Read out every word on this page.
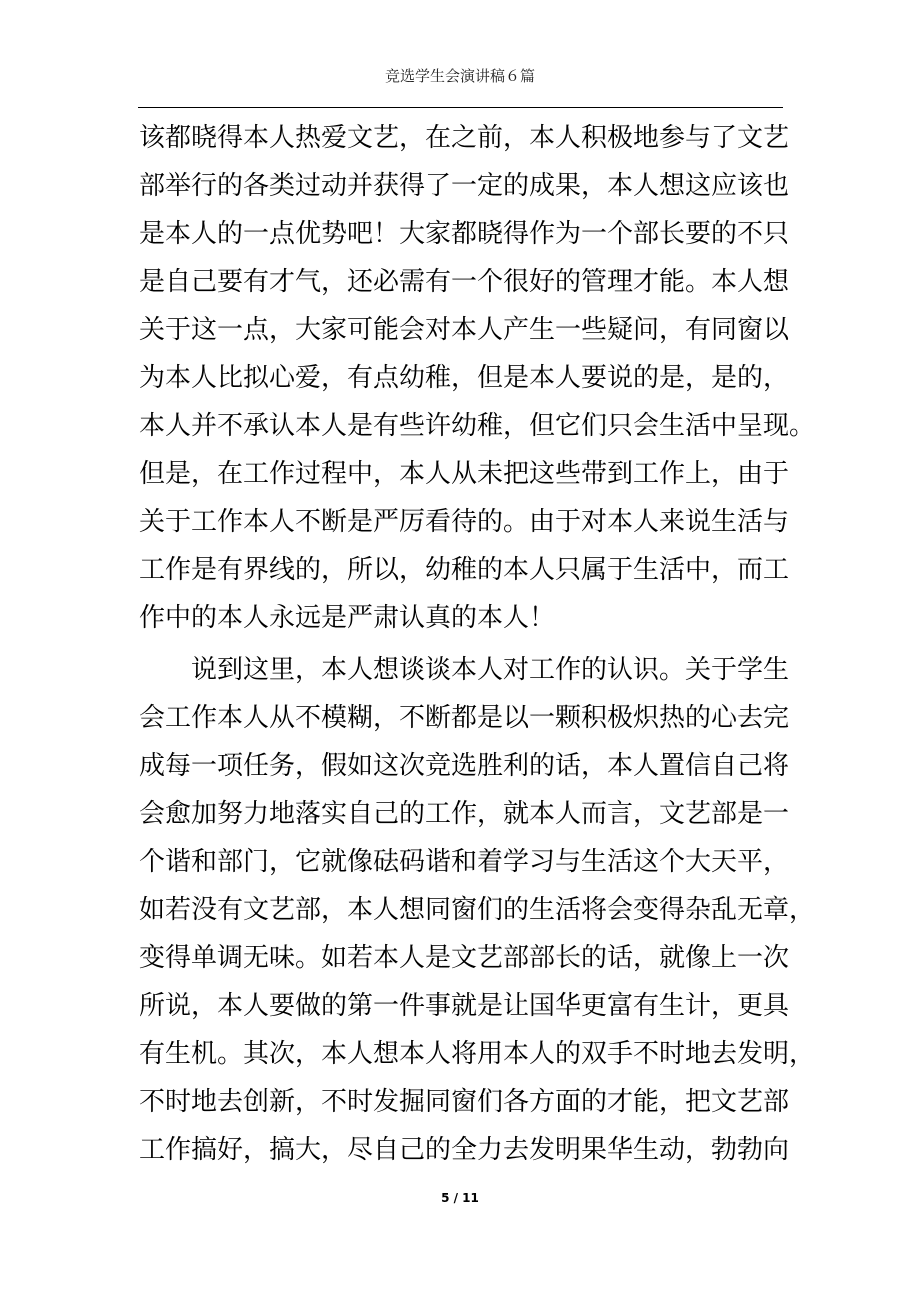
竞选学生会演讲稿６篇
该都晓得本人热爱文艺，在之前，本人积极地参与了文艺
部举行的各类过动并获得了一定的成果，本人想这应该也
是本人的一点优势吧！大家都晓得作为一个部长要的不只
是自己要有才气，还必需有一个很好的管理才能。本人想
关于这一点，大家可能会对本人产生一些疑问，有同窗以
为本人比拟心爱，有点幼稚，但是本人要说的是，是的，
本人并不承认本人是有些许幼稚，但它们只会生活中呈现。
但是，在工作过程中，本人从未把这些带到工作上，由于
关于工作本人不断是严厉看待的。由于对本人来说生活与
工作是有界线的，所以，幼稚的本人只属于生活中，而工
作中的本人永远是严肃认真的本人！
　　说到这里，本人想谈谈本人对工作的认识。关于学生
会工作本人从不模糊，不断都是以一颗积极炽热的心去完
成每一项任务，假如这次竞选胜利的话，本人置信自己将
会愈加努力地落实自己的工作，就本人而言，文艺部是一
个谐和部门，它就像砝码谐和着学习与生活这个大天平，
如若没有文艺部，本人想同窗们的生活将会变得杂乱无章，
变得单调无味。如若本人是文艺部部长的话，就像上一次
所说，本人要做的第一件事就是让国华更富有生计，更具
有生机。其次，本人想本人将用本人的双手不时地去发明，
不时地去创新，不时发掘同窗们各方面的才能，把文艺部
工作搞好，搞大，尽自己的全力去发明果华生动，勃勃向
5 / 11
